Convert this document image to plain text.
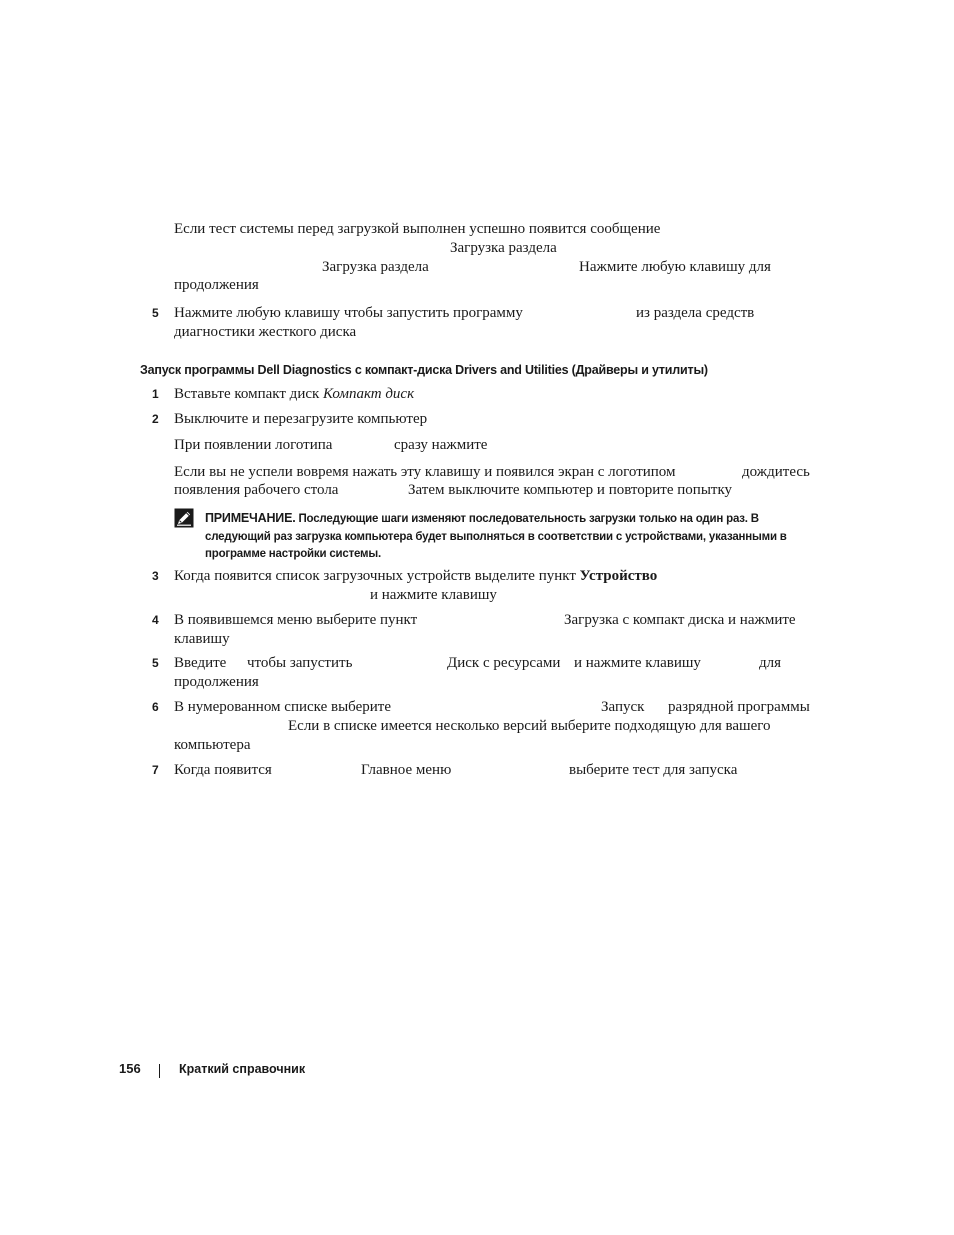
Если тест системы перед загрузкой выполнен успешно появится сообщение
Загрузка раздела
Загрузка раздела	Нажмите любую клавишу для
продолжения
5 Нажмите любую клавишу чтобы запустить программу	из раздела средств
диагностики жесткого диска
Запуск программы Dell Diagnostics с компакт-диска Drivers and Utilities (Драйверы и утилиты)
1 Вставьте компакт диск Компакт диск
2 Выключите и перезагрузите компьютер
При появлении логотипа	сразу нажмите
Если вы не успели вовремя нажать эту клавишу и появился экран с логотипом	дождитесь
появления рабочего стола	Затем выключите компьютер и повторите попытку
ПРИМЕЧАНИЕ. Последующие шаги изменяют последовательность загрузки только на один раз. В следующий раз загрузка компьютера будет выполняться в соответствии с устройствами, указанными в программе настройки системы.
3 Когда появится список загрузочных устройств выделите пункт Устройство
и нажмите клавишу
4 В появившемся меню выберите пункт	Загрузка с компакт диска и нажмите
клавишу
5 Введите чтобы запустить	Диск с ресурсами и нажмите клавишу	для
продолжения
6 В нумерованном списке выберите	Запуск разрядной программы
Если в списке имеется несколько версий выберите подходящую для вашего
компьютера
7 Когда появится	Главное меню	выберите тест для запуска
156	Краткий справочник
